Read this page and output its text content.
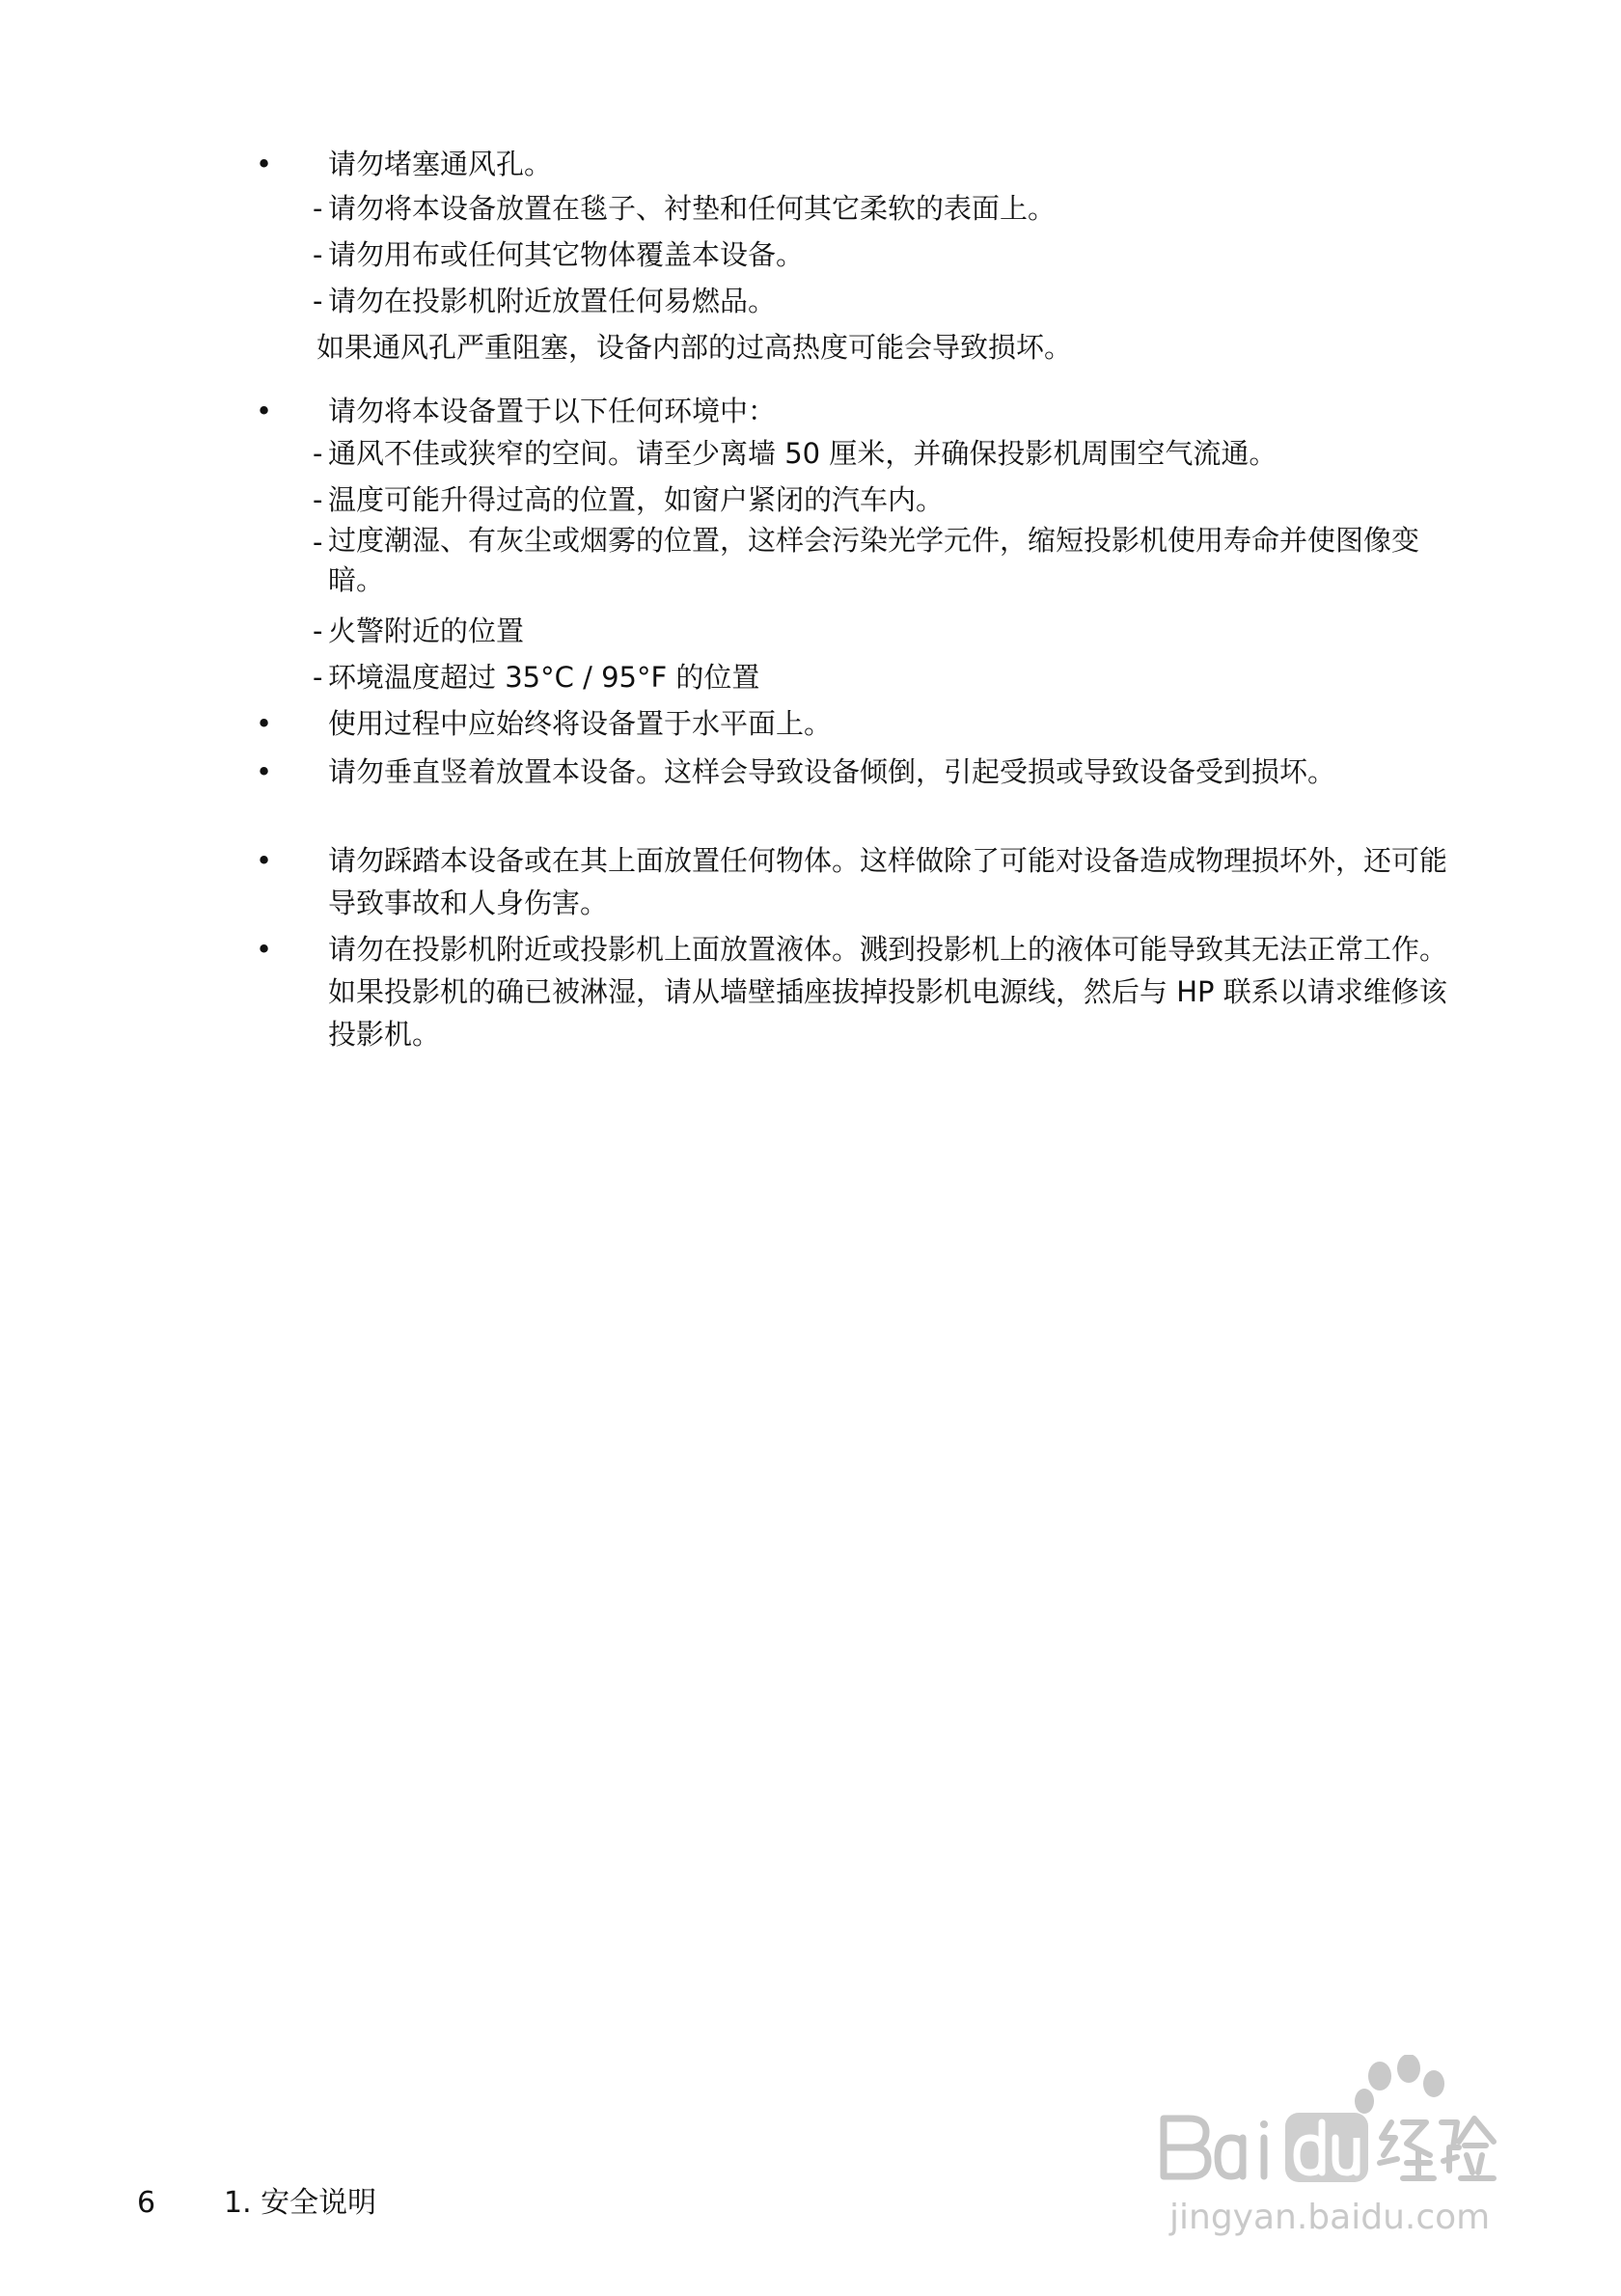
• 请勿堵塞通风孔。
- 请勿将本设备放置在毯子、衬垫和任何其它柔软的表面上。
- 请勿用布或任何其它物体覆盖本设备。
- 请勿在投影机附近放置任何易燃品。
如果通风孔严重阻塞，设备内部的过高热度可能会导致损坏。
• 请勿将本设备置于以下任何环境中：
- 通风不佳或狭窄的空间。请至少离墙 50 厘米，并确保投影机周围空气流通。
- 温度可能升得过高的位置，如窗户紧闭的汽车内。
- 过度潮湿、有灰尘或烟雾的位置，这样会污染光学元件，缩短投影机使用寿命并使图像变暗。
- 火警附近的位置
- 环境温度超过 35°C / 95°F 的位置
• 使用过程中应始终将设备置于水平面上。
• 请勿垂直竖着放置本设备。这样会导致设备倾倒，引起受损或导致设备受到损坏。
• 请勿踩踏本设备或在其上面放置任何物体。这样做除了可能对设备造成物理损坏外，还可能导致事故和人身伤害。
• 请勿在投影机附近或投影机上面放置液体。溅到投影机上的液体可能导致其无法正常工作。如果投影机的确已被淋湿，请从墙壁插座拔掉投影机电源线，然后与 HP 联系以请求维修该投影机。
6 1. 安全说明	jingyan.baidu.com
